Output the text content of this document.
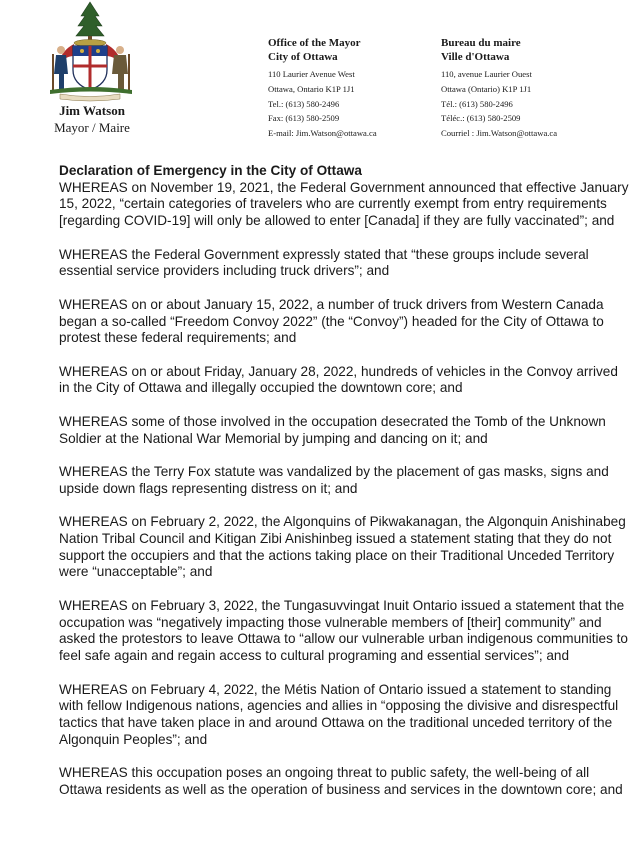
Jim Watson
Mayor / Maire
Office of the Mayor
City of Ottawa
110 Laurier Avenue West
Ottawa, Ontario K1P 1J1
Tel.: (613) 580-2496
Fax: (613) 580-2509
E-mail: Jim.Watson@ottawa.ca
Bureau du maire
Ville d'Ottawa
110, avenue Laurier Ouest
Ottawa (Ontario) K1P 1J1
Tél.: (613) 580-2496
Téléc.: (613) 580-2509
Courriel : Jim.Watson@ottawa.ca
Declaration of Emergency in the City of Ottawa

WHEREAS on November 19, 2021, the Federal Government announced that effective January 15, 2022, “certain categories of travelers who are currently exempt from entry requirements [regarding COVID-19] will only be allowed to enter [Canada] if they are fully vaccinated”; and

WHEREAS the Federal Government expressly stated that “these groups include several essential service providers including truck drivers”; and

WHEREAS on or about January 15, 2022, a number of truck drivers from Western Canada began a so-called “Freedom Convoy 2022” (the “Convoy”) headed for the City of Ottawa to protest these federal requirements; and

WHEREAS on or about Friday, January 28, 2022, hundreds of vehicles in the Convoy arrived in the City of Ottawa and illegally occupied the downtown core; and

WHEREAS some of those involved in the occupation desecrated the Tomb of the Unknown Soldier at the National War Memorial by jumping and dancing on it; and

WHEREAS the Terry Fox statute was vandalized by the placement of gas masks, signs and upside down flags representing distress on it; and

WHEREAS on February 2, 2022, the Algonquins of Pikwakanagan, the Algonquin Anishinabeg Nation Tribal Council and Kitigan Zibi Anishinbeg issued a statement stating that they do not support the occupiers and that the actions taking place on their Traditional Unceded Territory were “unacceptable”; and

WHEREAS on February 3, 2022, the Tungasuvvingat Inuit Ontario issued a statement that the occupation was “negatively impacting those vulnerable members of [their] community” and asked the protestors to leave Ottawa to “allow our vulnerable urban indigenous communities to feel safe again and regain access to cultural programing and essential services”; and

WHEREAS on February 4, 2022, the Métis Nation of Ontario issued a statement to standing with fellow Indigenous nations, agencies and allies in “opposing the divisive and disrespectful tactics that have taken place in and around Ottawa on the traditional unceded territory of the Algonquin Peoples”; and

WHEREAS this occupation poses an ongoing threat to public safety, the well-being of all Ottawa residents as well as the operation of business and services in the downtown core; and
